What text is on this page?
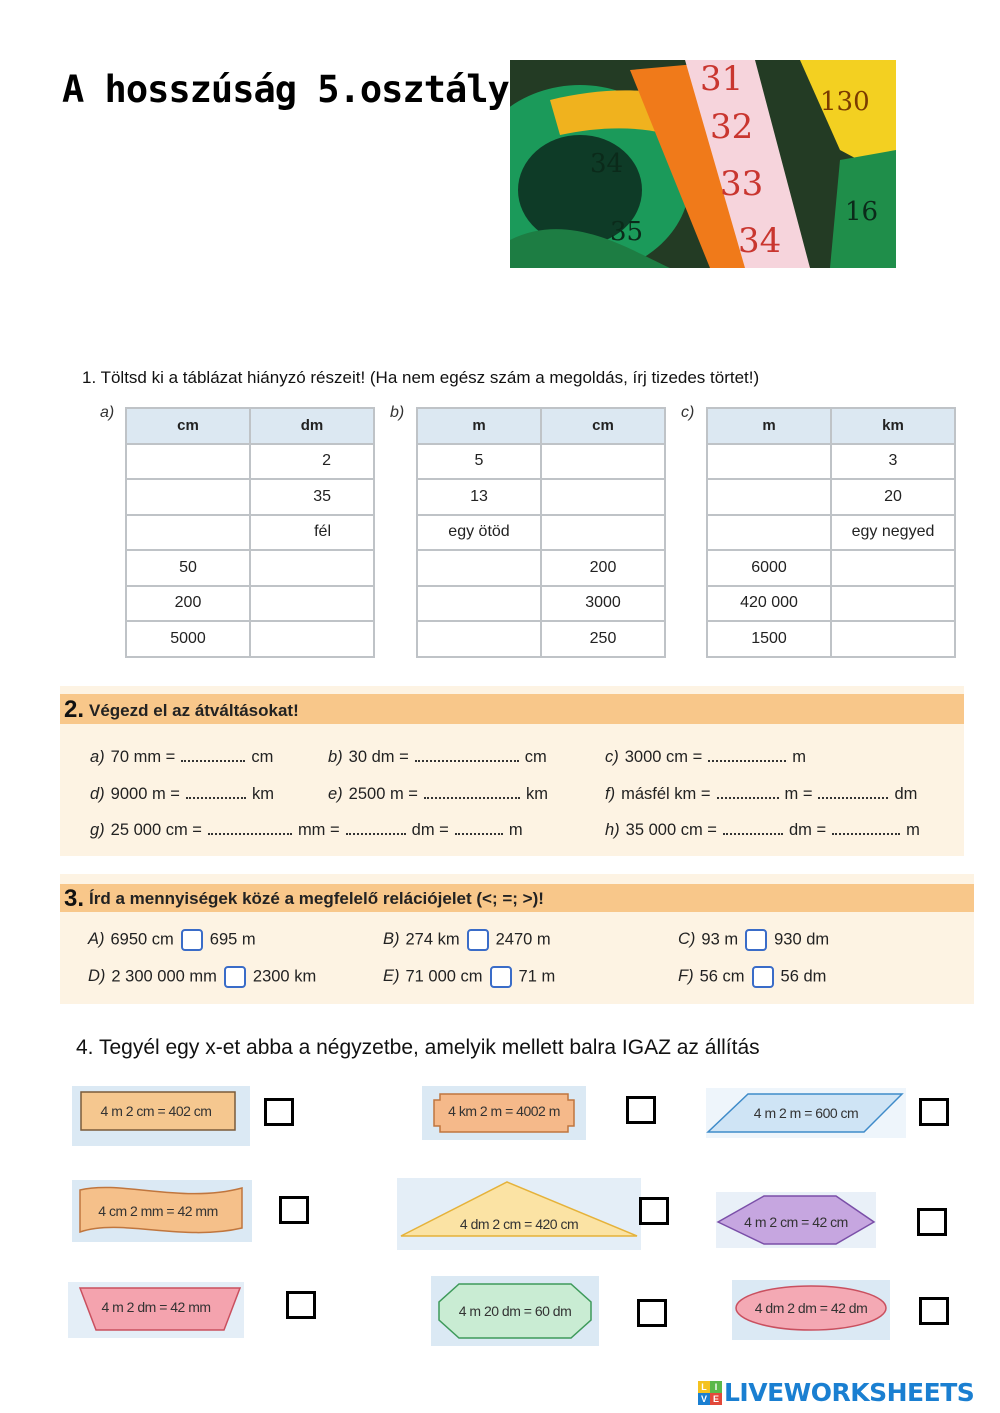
A hosszúság 5.osztály	31
32
33
34
34
35
16
130
1. Töltsd ki a táblázat hiányzó részeit! (Ha nem egész szám a megoldás, írj tizedes törtet!)
a)
cm	dm
	2
	35
	fél
50	
200	
5000	
b)
m	cm
5	
13	
egy ötöd	
	200
	3000
	250
c)
m	km
	3
	20
	egy negyed
6000	
420 000	
1500	
2. Végezd el az átváltásokat!
a) 70 mm =	cm	b) 30 dm =	cm	c) 3000 cm =	m
d) 9000 m =	km	e) 2500 m =	km	f) másfél km =	m =	dm
g) 25 000 cm =	mm =	dm =	m	h) 35 000 cm =	dm =	m
3. Írd a mennyiségek közé a megfelelő relációjelet (<; =; >)!
A) 6950 cm 695 m	B) 274 km 2470 m	C) 93 m 930 dm
D) 2 300 000 mm 2300 km	E) 71 000 cm 71 m	F) 56 cm 56 dm
4. Tegyél egy x-et abba a négyzetbe, amelyik mellett balra IGAZ az állítás
4 m 2 cm = 402 cm	4 km 2 m = 4002 m	4 m 2 m = 600 cm
4 cm 2 mm = 42 mm
4 dm 2 cm = 420 cm	4 m 2 cm = 42 cm
4 m 2 dm = 42 mm	4 m 20 dm = 60 dm	4 dm 2 dm = 42 dm
L I
V E LIVEWORKSHEETS
